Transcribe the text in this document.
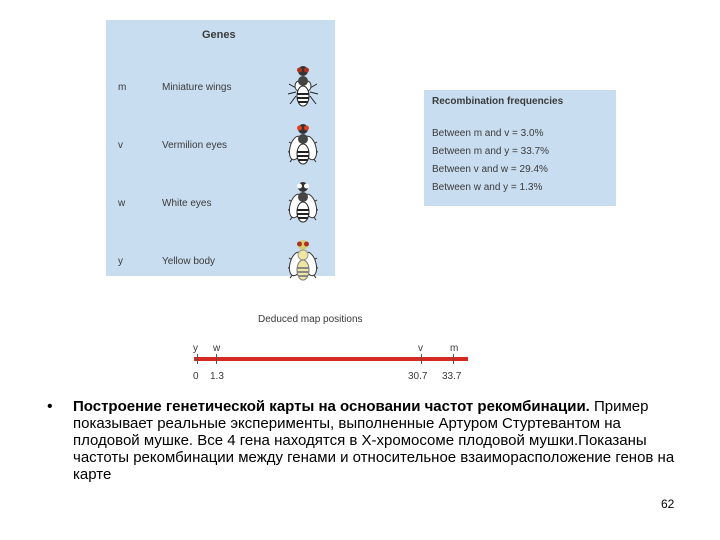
Genes
m	Miniature wings
v	Vermilion eyes
w	White eyes
y	Yellow body
Recombination frequencies
Between m and v = 3.0%
Between m and y = 33.7%
Between v and w = 29.4%
Between w and y = 1.3%
Deduced map positions
y w	v	m
0 1.3	30.7 33.7
• Построение генетической карты на основании частот рекомбинации. Пример показывает реальные эксперименты, выполненные Артуром Стуртевантом на плодовой мушке. Все 4 гена находятся в Х-хромосоме плодовой мушки.Показаны частоты рекомбинации между генами и относительное взаиморасположение генов на карте
62
